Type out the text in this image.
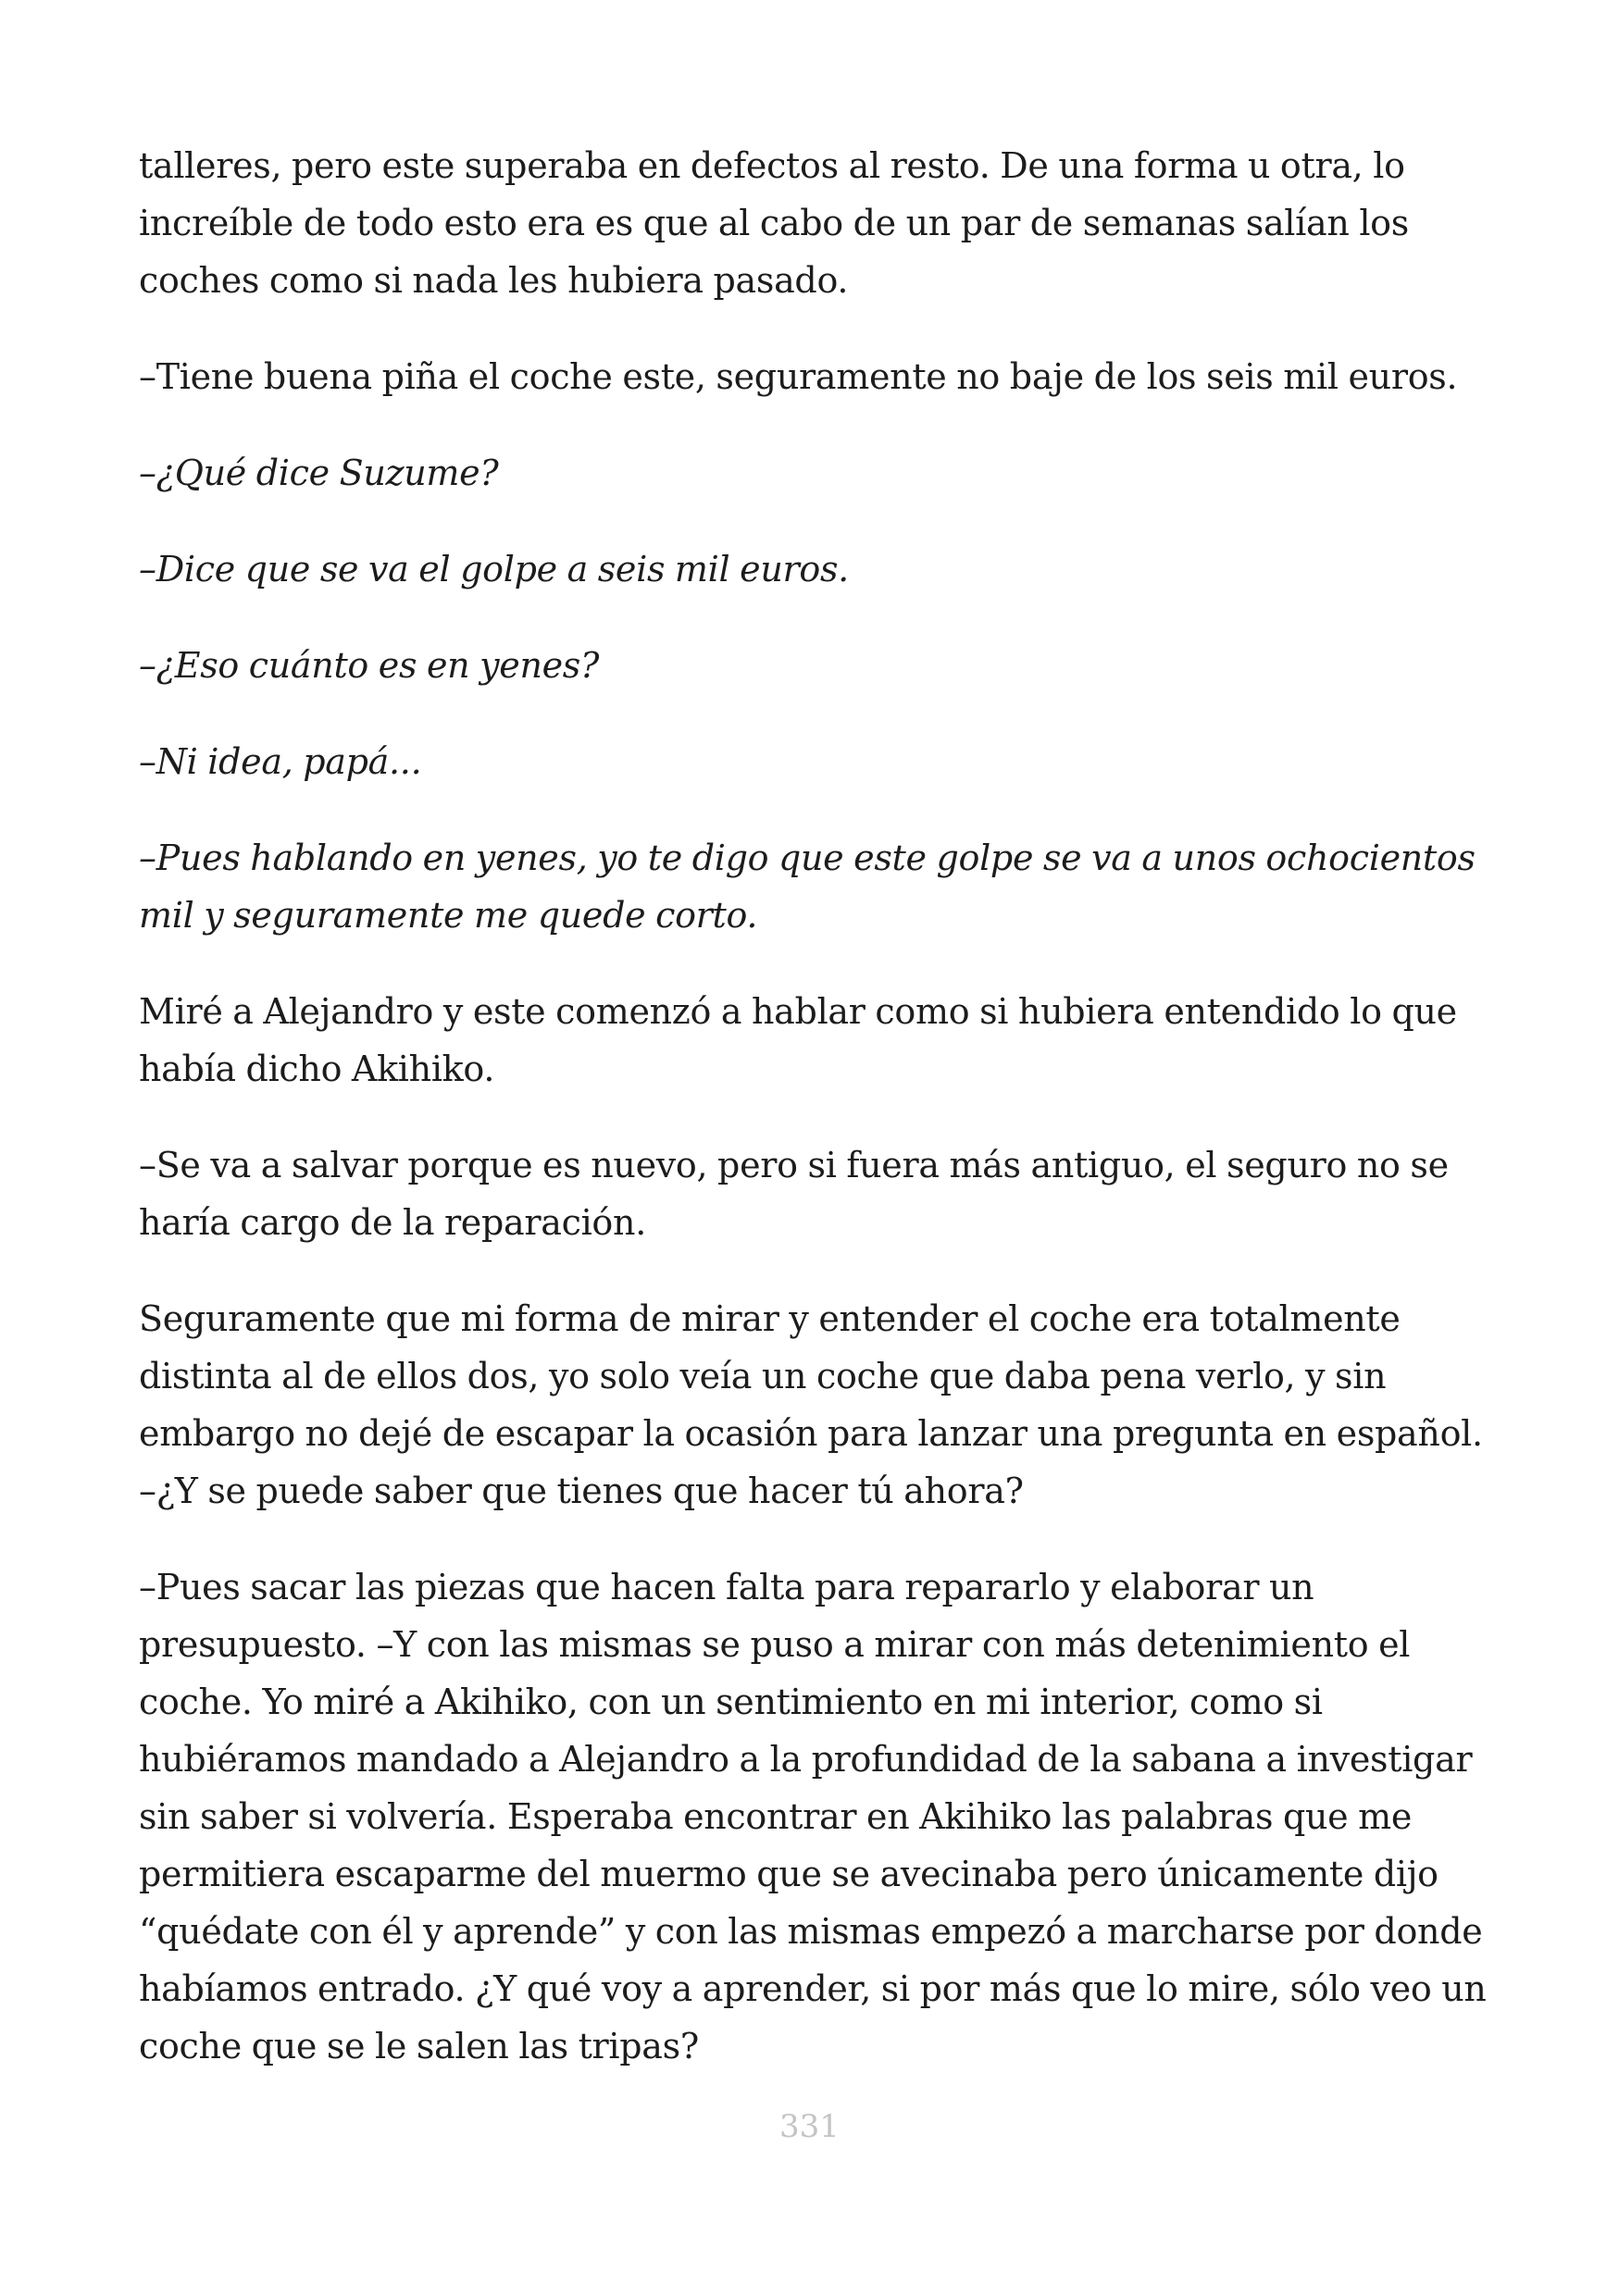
talleres, pero este superaba en defectos al resto. De una forma u otra, lo increíble de todo esto era es que al cabo de un par de semanas salían los coches como si nada les hubiera pasado.

–Tiene buena piña el coche este, seguramente no baje de los seis mil euros.

–¿Qué dice Suzume?

–Dice que se va el golpe a seis mil euros.

–¿Eso cuánto es en yenes?

–Ni idea, papá...

–Pues hablando en yenes, yo te digo que este golpe se va a unos ochocientos mil y seguramente me quede corto.

Miré a Alejandro y este comenzó a hablar como si hubiera entendido lo que había dicho Akihiko.

–Se va a salvar porque es nuevo, pero si fuera más antiguo, el seguro no se haría cargo de la reparación.

Seguramente que mi forma de mirar y entender el coche era totalmente distinta al de ellos dos, yo solo veía un coche que daba pena verlo, y sin embargo no dejé de escapar la ocasión para lanzar una pregunta en español. –¿Y se puede saber que tienes que hacer tú ahora?

–Pues sacar las piezas que hacen falta para repararlo y elaborar un presupuesto. –Y con las mismas se puso a mirar con más detenimiento el coche. Yo miré a Akihiko, con un sentimiento en mi interior, como si hubiéramos mandado a Alejandro a la profundidad de la sabana a investigar sin saber si volvería. Esperaba encontrar en Akihiko las palabras que me permitiera escaparme del muermo que se avecinaba pero únicamente dijo “quédate con él y aprende” y con las mismas empezó a marcharse por donde habíamos entrado. ¿Y qué voy a aprender, si por más que lo mire, sólo veo un coche que se le salen las tripas?

331
